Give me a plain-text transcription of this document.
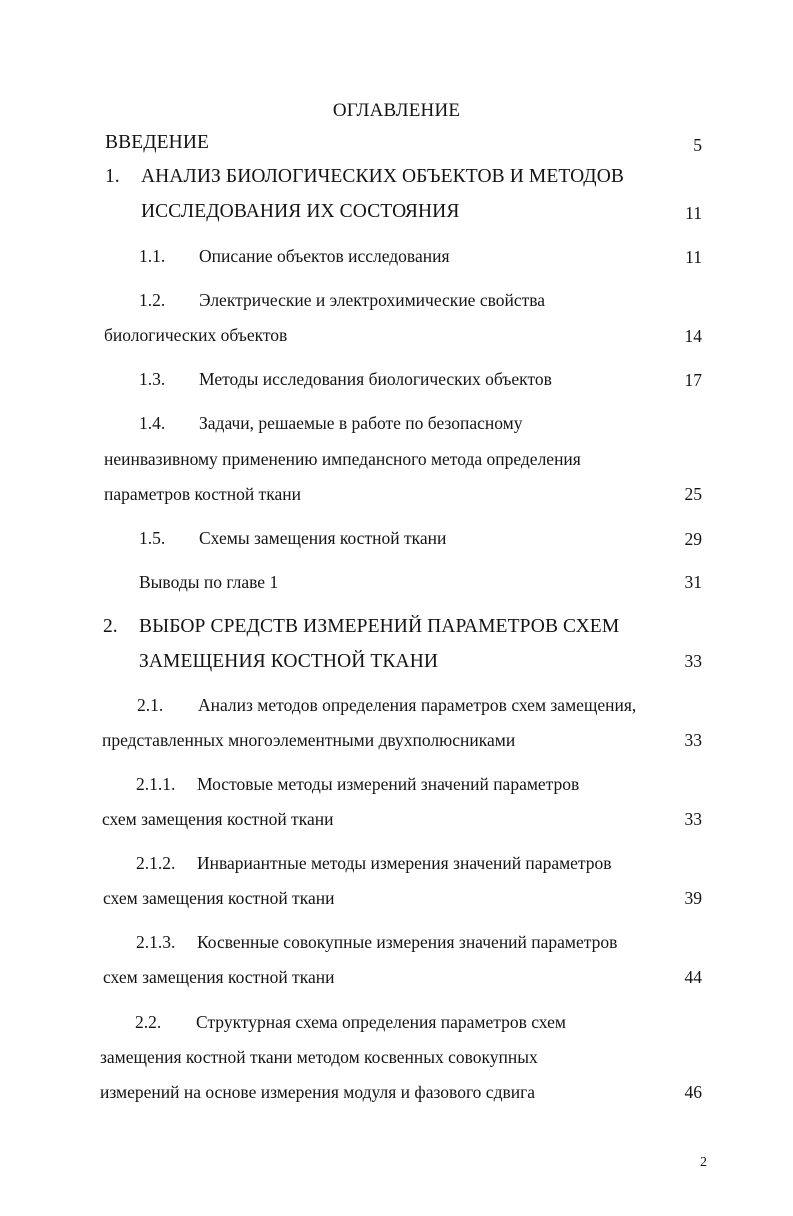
ОГЛАВЛЕНИЕ
ВВЕДЕНИЕ	5
1. АНАЛИЗ БИОЛОГИЧЕСКИХ ОБЪЕКТОВ И МЕТОДОВ
ИССЛЕДОВАНИЯ ИХ СОСТОЯНИЯ	11
1.1. Описание объектов исследования	11
1.2. Электрические и электрохимические свойства
биологических объектов	14
1.3. Методы исследования биологических объектов	17
1.4. Задачи, решаемые в работе по безопасному
неинвазивному применению импедансного метода определения
параметров костной ткани	25
1.5. Схемы замещения костной ткани	29
Выводы по главе 1	31
2. ВЫБОР СРЕДСТВ ИЗМЕРЕНИЙ ПАРАМЕТРОВ СХЕМ
ЗАМЕЩЕНИЯ КОСТНОЙ ТКАНИ	33
2.1. Анализ методов определения параметров схем замещения,
представленных многоэлементными двухполюсниками	33
2.1.1. Мостовые методы измерений значений параметров
схем замещения костной ткани	33
2.1.2. Инвариантные методы измерения значений параметров
схем замещения костной ткани	39
2.1.3. Косвенные совокупные измерения значений параметров
схем замещения костной ткани	44
2.2. Структурная схема определения параметров схем
замещения костной ткани методом косвенных совокупных
измерений на основе измерения модуля и фазового сдвига	46
2
